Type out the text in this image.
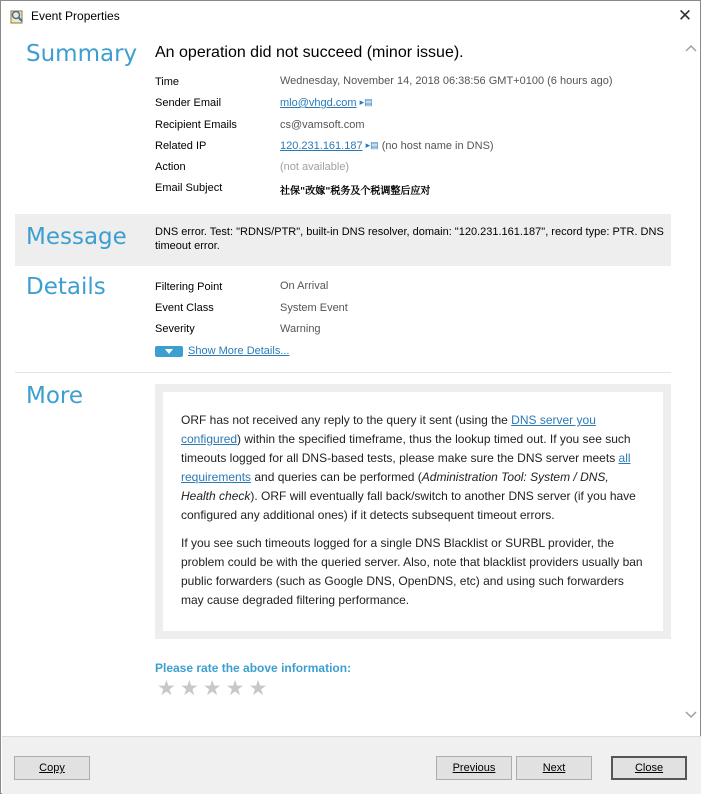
Event Properties	✕
Summary An operation did not succeed (minor issue).
Time	Wednesday, November 14, 2018 06:38:56 GMT+0100 (6 hours ago)
Sender Email	mlo@vhgd.com ▸▤
Recipient Emails	cs@vamsoft.com
Related IP	120.231.161.187 ▸▤ (no host name in DNS)
Action	(not available)
Email Subject	社保"改嫁"税务及个税调整后应对
Message	DNS error. Test: "RDNS/PTR", built-in DNS resolver, domain: "120.231.161.187", record type: PTR. DNS timeout error.
Details	Filtering Point	On Arrival
Event Class	System Event
Severity	Warning
Show More Details...
More

ORF has not received any reply to the query it sent (using the DNS server you configured) within the specified timeframe, thus the lookup timed out. If you see such timeouts logged for all DNS-based tests, please make sure the DNS server meets all requirements and queries can be performed (Administration Tool: System / DNS, Health check). ORF will eventually fall back/switch to another DNS server (if you have configured any additional ones) if it detects subsequent timeout errors.

If you see such timeouts logged for a single DNS Blacklist or SURBL provider, the problem could be with the queried server. Also, note that blacklist providers usually ban public forwarders (such as Google DNS, OpenDNS, etc) and using such forwarders may cause degraded filtering performance.

Please rate the above information:
★ ★ ★ ★ ★
Copy	Previous	Next	Close
